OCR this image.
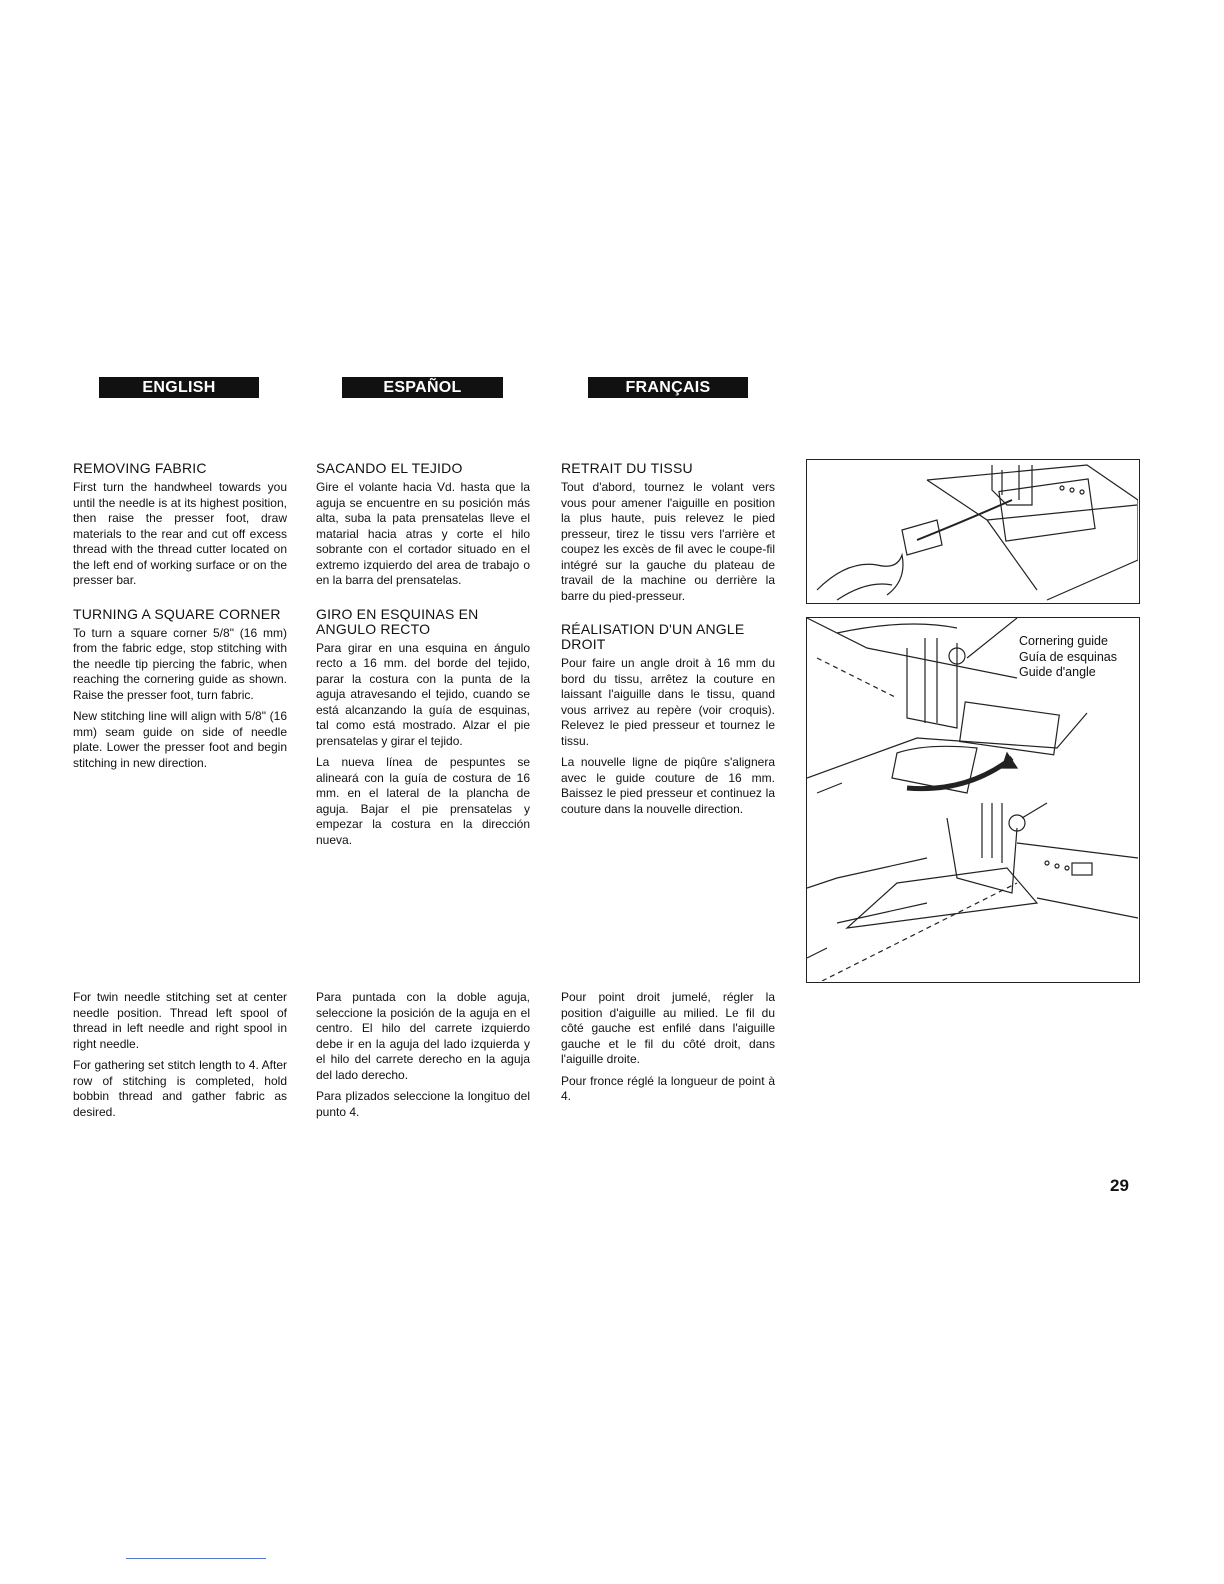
ENGLISH	ESPAÑOL	FRANÇAIS
REMOVING FABRIC

First turn the handwheel towards you until the needle is at its highest position, then raise the presser foot, draw materials to the rear and cut off excess thread with the thread cutter located on the left end of working surface or on the presser bar.

TURNING A SQUARE CORNER

To turn a square corner 5/8" (16 mm) from the fabric edge, stop stitching with the needle tip piercing the fabric, when reaching the cornering guide as shown. Raise the presser foot, turn fabric.

New stitching line will align with 5/8" (16 mm) seam guide on side of needle plate. Lower the presser foot and begin stitching in new direction.

SACANDO EL TEJIDO

Gire el volante hacia Vd. hasta que la aguja se encuentre en su posición más alta, suba la pata prensatelas lleve el matarial hacia atras y corte el hilo sobrante con el cortador situado en el extremo izquierdo del area de trabajo o en la barra del prensatelas.

GIRO EN ESQUINAS EN ANGULO RECTO

Para girar en una esquina en ángulo recto a 16 mm. del borde del tejido, parar la costura con la punta de la aguja atravesando el tejido, cuando se está alcanzando la guía de esquinas, tal como está mostrado. Alzar el pie prensatelas y girar el tejido.

La nueva línea de pespuntes se alineará con la guía de costura de 16 mm. en el lateral de la plancha de aguja. Bajar el pie prensatelas y empezar la costura en la dirección nueva.

RETRAIT DU TISSU

Tout d'abord, tournez le volant vers vous pour amener l'aiguille en position la plus haute, puis relevez le pied presseur, tirez le tissu vers l'arrière et coupez les excès de fil avec le coupe-fil intégré sur la gauche du plateau de travail de la machine ou derrière la barre du pied-presseur.

RÉALISATION D'UN ANGLE DROIT

Pour faire un angle droit à 16 mm du bord du tissu, arrêtez la couture en laissant l'aiguille dans le tissu, quand vous arrivez au repère (voir croquis). Relevez le pied presseur et tournez le tissu.

La nouvelle ligne de piqûre s'alignera avec le guide couture de 16 mm. Baissez le pied presseur et continuez la couture dans la nouvelle direction.

For twin needle stitching set at center needle position. Thread left spool of thread in left needle and right spool in right needle.

For gathering set stitch length to 4. After row of stitching is completed, hold bobbin thread and gather fabric as desired.

Para puntada con la doble aguja, seleccione la posición de la aguja en el centro. El hilo del carrete izquierdo debe ir en la aguja del lado izquierda y el hilo del carrete derecho en la aguja del lado derecho.

Para plizados seleccione la longituo del punto 4.

Pour point droit jumelé, régler la position d'aiguille au milied. Le fil du côté gauche est enfilé dans l'aiguille gauche et le fil du côté droit, dans l'aiguille droite.

Pour fronce réglé la longueur de point à 4.

Cornering guide
Guía de esquinas
Guide d'angle
29
